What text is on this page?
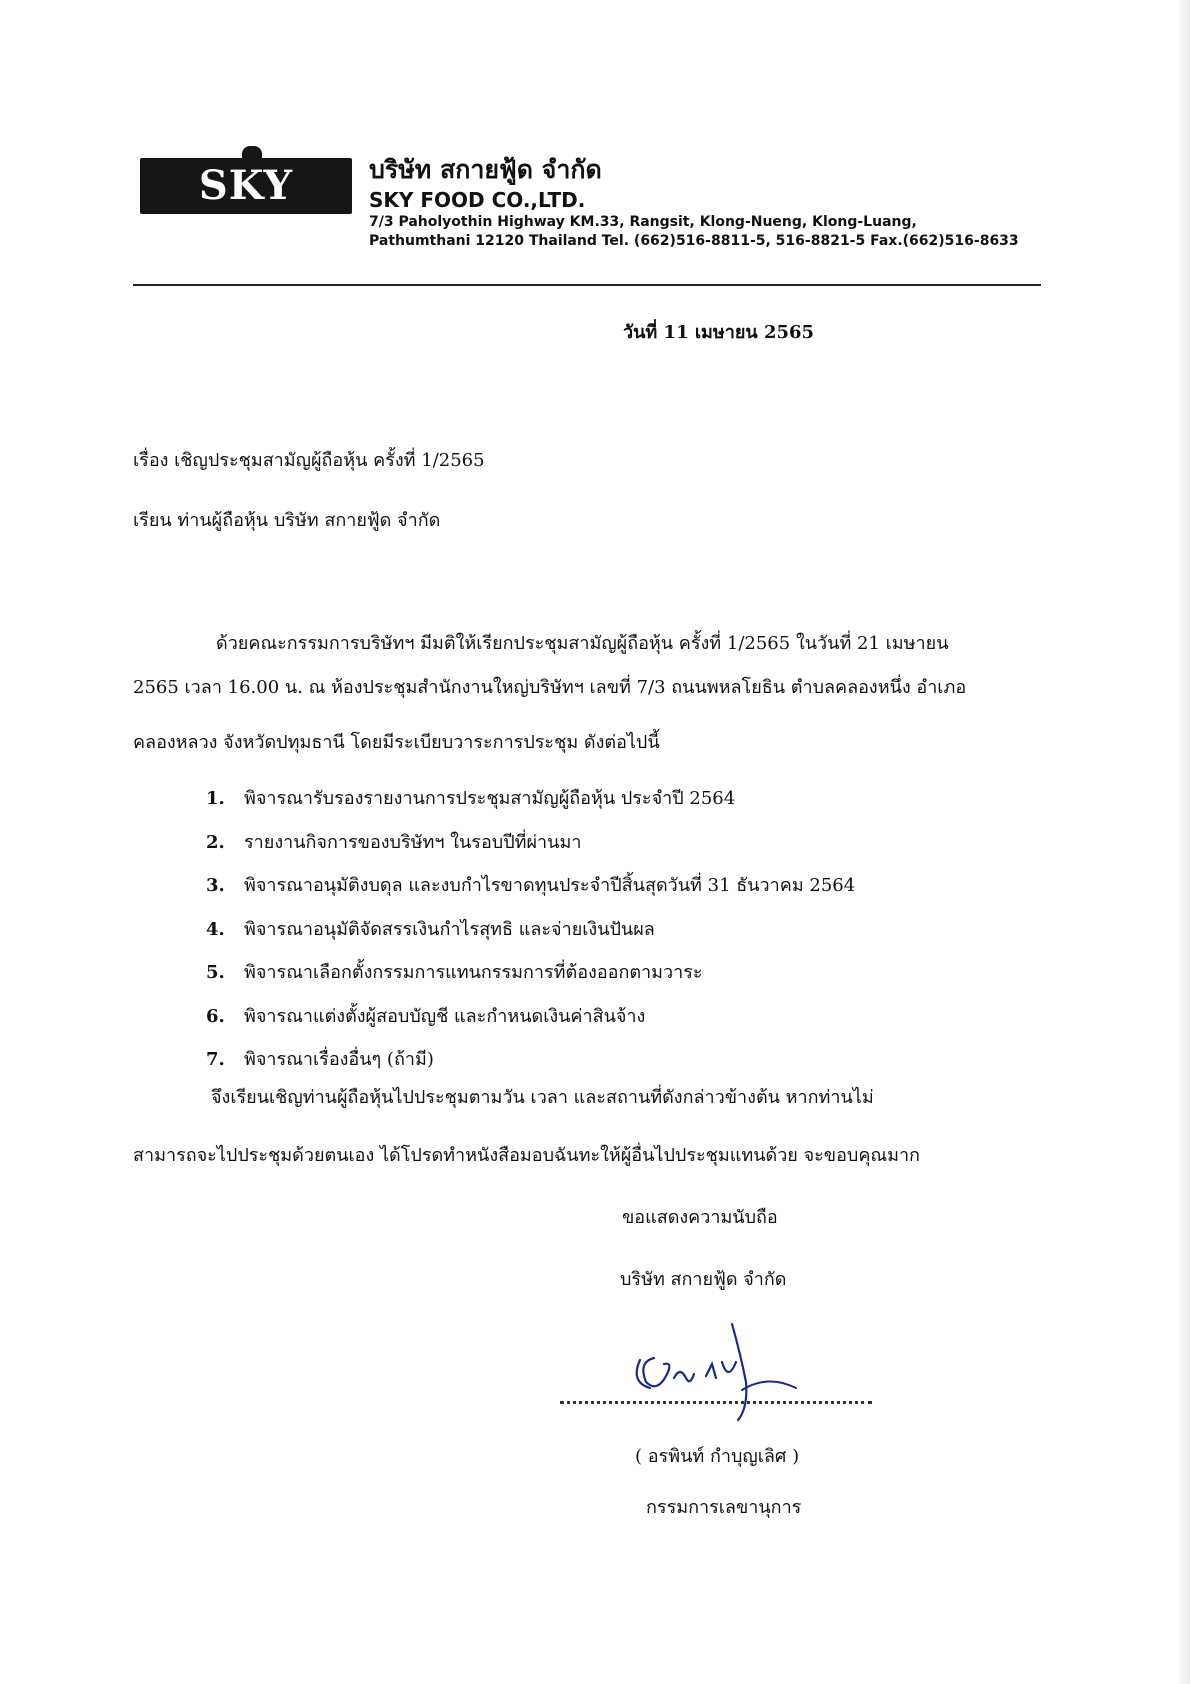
SKY FOOD
บริษัท สกายฟู้ด จำกัด
SKY FOOD CO.,LTD.
7/3 Paholyothin Highway KM.33, Rangsit, Klong-Nueng, Klong-Luang,
Pathumthani 12120 Thailand Tel. (662)516-8811-5, 516-8821-5 Fax.(662)516-8633
วันที่ 11 เมษายน 2565
เรื่อง เชิญประชุมสามัญผู้ถือหุ้น ครั้งที่ 1/2565
เรียน ท่านผู้ถือหุ้น บริษัท สกายฟู้ด จำกัด
ด้วยคณะกรรมการบริษัทฯ มีมติให้เรียกประชุมสามัญผู้ถือหุ้น ครั้งที่ 1/2565 ในวันที่ 21 เมษายน
2565 เวลา 16.00 น. ณ ห้องประชุมสำนักงานใหญ่บริษัทฯ เลขที่ 7/3 ถนนพหลโยธิน ตำบลคลองหนึ่ง อำเภอ
คลองหลวง จังหวัดปทุมธานี โดยมีระเบียบวาระการประชุม ดังต่อไปนี้
1. พิจารณารับรองรายงานการประชุมสามัญผู้ถือหุ้น ประจำปี 2564
2. รายงานกิจการของบริษัทฯ ในรอบปีที่ผ่านมา
3. พิจารณาอนุมัติงบดุล และงบกำไรขาดทุนประจำปีสิ้นสุดวันที่ 31 ธันวาคม 2564
4. พิจารณาอนุมัติจัดสรรเงินกำไรสุทธิ และจ่ายเงินปันผล
5. พิจารณาเลือกตั้งกรรมการแทนกรรมการที่ต้องออกตามวาระ
6. พิจารณาแต่งตั้งผู้สอบบัญชี และกำหนดเงินค่าสินจ้าง
7. พิจารณาเรื่องอื่นๆ (ถ้ามี)
จึงเรียนเชิญท่านผู้ถือหุ้นไปประชุมตามวัน เวลา และสถานที่ดังกล่าวข้างต้น หากท่านไม่
สามารถจะไปประชุมด้วยตนเอง ได้โปรดทำหนังสือมอบฉันทะให้ผู้อื่นไปประชุมแทนด้วย จะขอบคุณมาก
ขอแสดงความนับถือ
บริษัท สกายฟู้ด จำกัด
( อรพินท์ กำบุญเลิศ )
กรรมการเลขานุการ
